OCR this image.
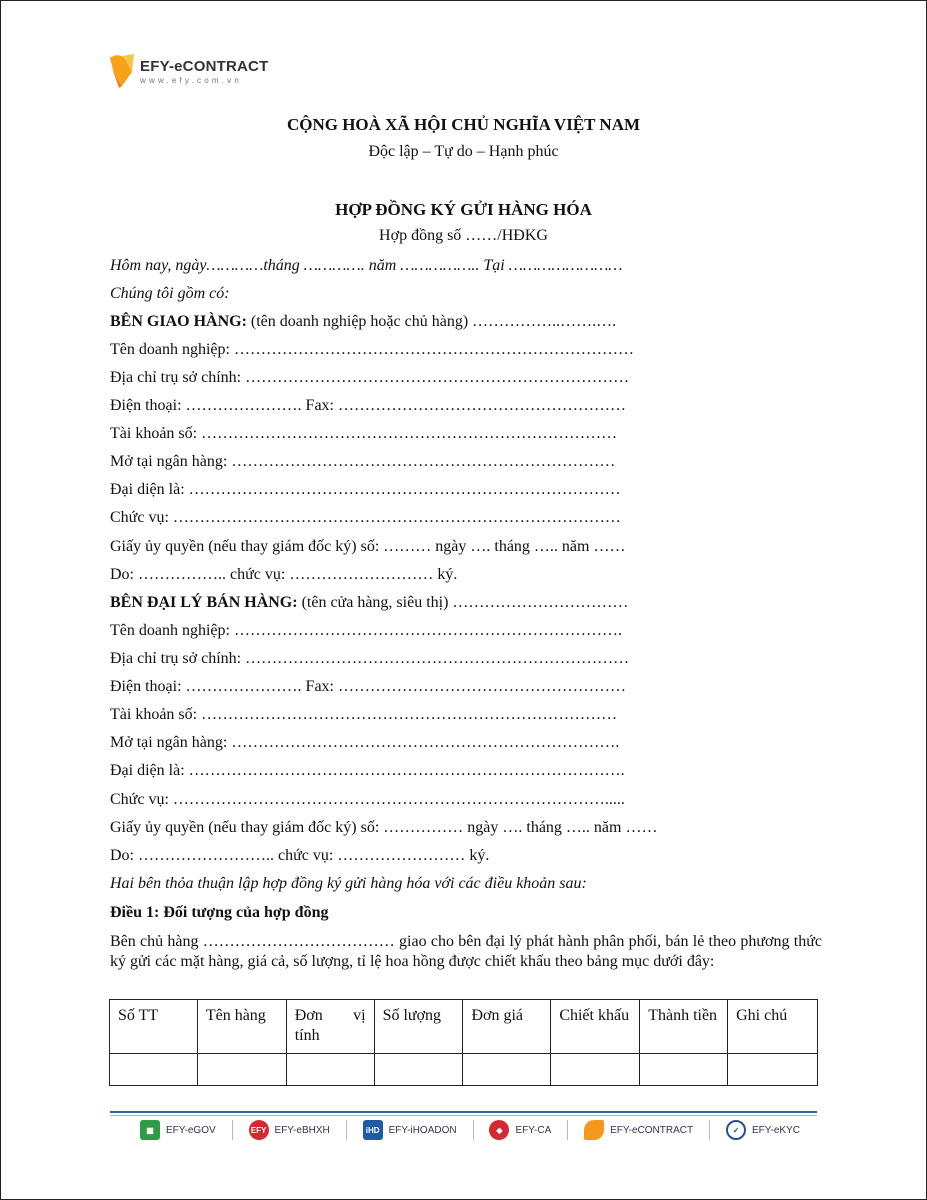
EFY-eCONTRACT
www.efy.com.vn
CỘNG HOÀ XÃ HỘI CHỦ NGHĨA VIỆT NAM
Độc lập – Tự do – Hạnh phúc
HỢP ĐỒNG KÝ GỬI HÀNG HÓA
Hợp đồng số ……/HĐKG
Hôm nay, ngày…………tháng …………. năm …………….. Tại ……………………
Chúng tôi gồm có:
BÊN GIAO HÀNG: (tên doanh nghiệp hoặc chủ hàng) ……………..…….….
Tên doanh nghiệp: …………………………………………………………………
Địa chỉ trụ sở chính: ………………………………………………………………
Điện thoại: …………………. Fax: ………………………………………………
Tài khoản số: ……………………………………………………………………
Mở tại ngân hàng: ………………………………………………………………
Đại diện là: ………………………………………………………………………
Chức vụ: …………………………………………………………………………
Giấy ủy quyền (nếu thay giám đốc ký) số: ……… ngày …. tháng ….. năm ……
Do: …………….. chức vụ: ……………………… ký.
BÊN ĐẠI LÝ BÁN HÀNG: (tên cửa hàng, siêu thị) ……………………………
Tên doanh nghiệp: ……………………………………………………………….
Địa chỉ trụ sở chính: ………………………………………………………………
Điện thoại: …………………. Fax: ………………………………………………
Tài khoản số: ……………………………………………………………………
Mở tại ngân hàng: ……………………………………………………………….
Đại diện là: ……………………………………………………………………….
Chức vụ: ……………………………………………………………………….....
Giấy ủy quyền (nếu thay giám đốc ký) số: …………… ngày …. tháng ….. năm ……
Do: …………………….. chức vụ: …………………… ký.
Hai bên thỏa thuận lập hợp đồng ký gửi hàng hóa với các điều khoản sau:
Điều 1: Đối tượng của hợp đồng
Bên chủ hàng ……………………………… giao cho bên đại lý phát hành phân phối, bán lẻ theo phương thức ký gửi các mặt hàng, giá cả, số lượng, tỉ lệ hoa hồng được chiết khấu theo bảng mục dưới đây:
Số TT	Tên hàng	Đơn vị tính	Số lượng	Đơn giá	Chiết khấu	Thành tiền	Ghi chú

▦	EFY-eGOV	EFY EFY-eBHXH	iHD EFY-iHOADON	◆	EFY-CA	EFY-eCONTRACT	✓	EFY-eKYC
